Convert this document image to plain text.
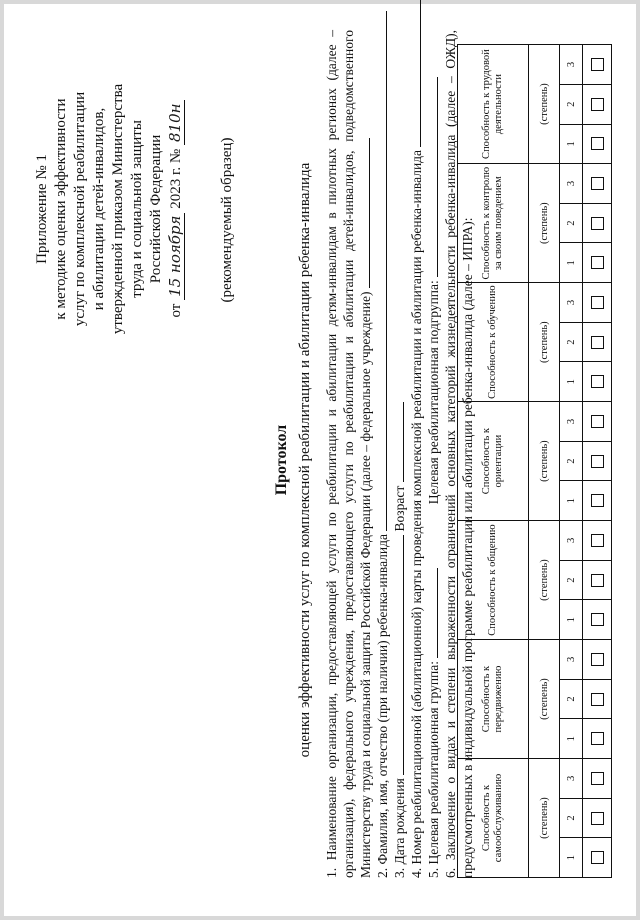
Приложение № 1 к методике оценки эффективности услуг по комплексной реабилитации и абилитации детей-инвалидов, утвержденной приказом Министерства труда и социальной защиты Российской Федерации
от 15 ноября 2023 г. № 810н
(рекомендуемый образец)
Протокол оценки эффективности услуг по комплексной реабилитации и абилитации ребенка-инвалида 1. Наименование организации, предоставляющей услуги по реабилитации и абилитации детям-инвалидам в пилотных регионах (далее – организация), федерального учреждения, предоставляющего услуги по реабилитации и абилитации детей-инвалидов, подведомственного Министерству труда и социальной защиты Российской Федерации (далее – федеральное учреждение) 2. Фамилия, имя, отчество (при наличии) ребенка-инвалида 3. Дата рождения  Возраст 4. Номер реабилитационной (абилитационной) карты проведения комплексной реабилитации и абилитации ребенка-инвалида 5. Целевая реабилитационная группа:  Целевая реабилитационная подгруппа: 6. Заключение о видах и степени выраженности ограничений основных категорий жизнедеятельности ребенка-инвалида (далее – ОЖД), предусмотренных в индивидуальной программе реабилитации или абилитации ребенка-инвалида (далее – ИПРА): Способность к самообслуживанию			Способность к передвижению			Способность к общению			Способность к ориентации			Способность к обучению			Способность к контролю за своим поведением			Способность к трудовой деятельности		
(степень)			(степень)			(степень)			(степень)			(степень)			(степень)			(степень)		
1	2	3	1	2	3	1	2	3	1	2	3	1	2	3	1	2	3	1	2	3
